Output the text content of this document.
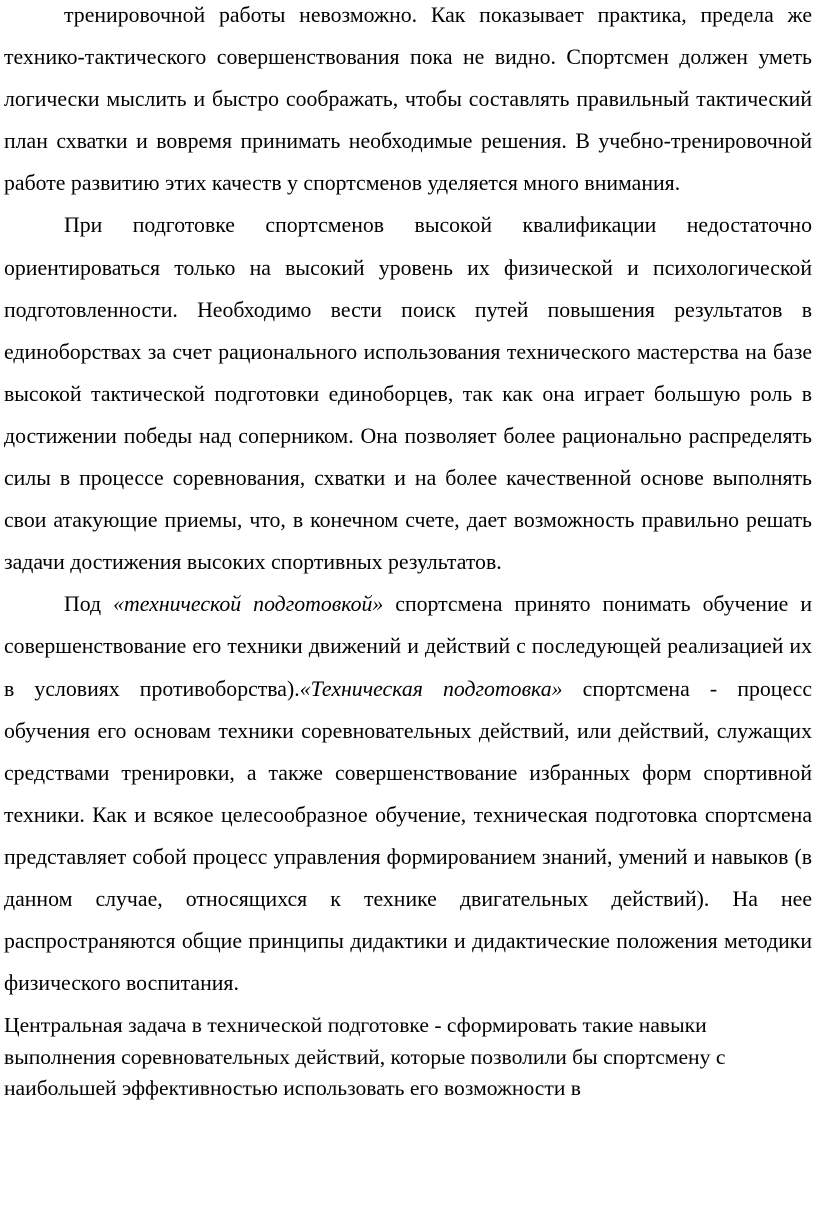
тренировочной работы невозможно. Как показывает практика, предела же технико-тактического совершенствования пока не видно. Спортсмен должен уметь логически мыслить и быстро соображать, чтобы составлять правильный тактический план схватки и вовремя принимать необходимые решения. В учебно-тренировочной работе развитию этих качеств у спортсменов уделяется много внимания.

При подготовке спортсменов высокой квалификации недостаточно ориентироваться только на высокий уровень их физической и психологической подготовленности. Необходимо вести поиск путей повышения результатов в единоборствах за счет рационального использования технического мастерства на базе высокой тактической подготовки единоборцев, так как она играет большую роль в достижении победы над соперником. Она позволяет более рационально распределять силы в процессе соревнования, схватки и на более качественной основе выполнять свои атакующие приемы, что, в конечном счете, дает возможность правильно решать задачи достижения высоких спортивных результатов.

Под «технической подготовкой» спортсмена принято понимать обучение и совершенствование его техники движений и действий с последующей реализацией их в условиях противоборства).«Техническая подготовка» спортсмена - процесс обучения его основам техники соревновательных действий, или действий, служащих средствами тренировки, а также совершенствование избранных форм спортивной техники. Как и всякое целесообразное обучение, техническая подготовка спортсмена представляет собой процесс управления формированием знаний, умений и навыков (в данном случае, относящихся к технике двигательных действий). На нее распространяются общие принципы дидактики и дидактические положения методики физического воспитания.

Центральная задача в технической подготовке - сформировать такие навыки выполнения соревновательных действий, которые позволили бы спортсмену с наибольшей эффективностью использовать его возможности в
